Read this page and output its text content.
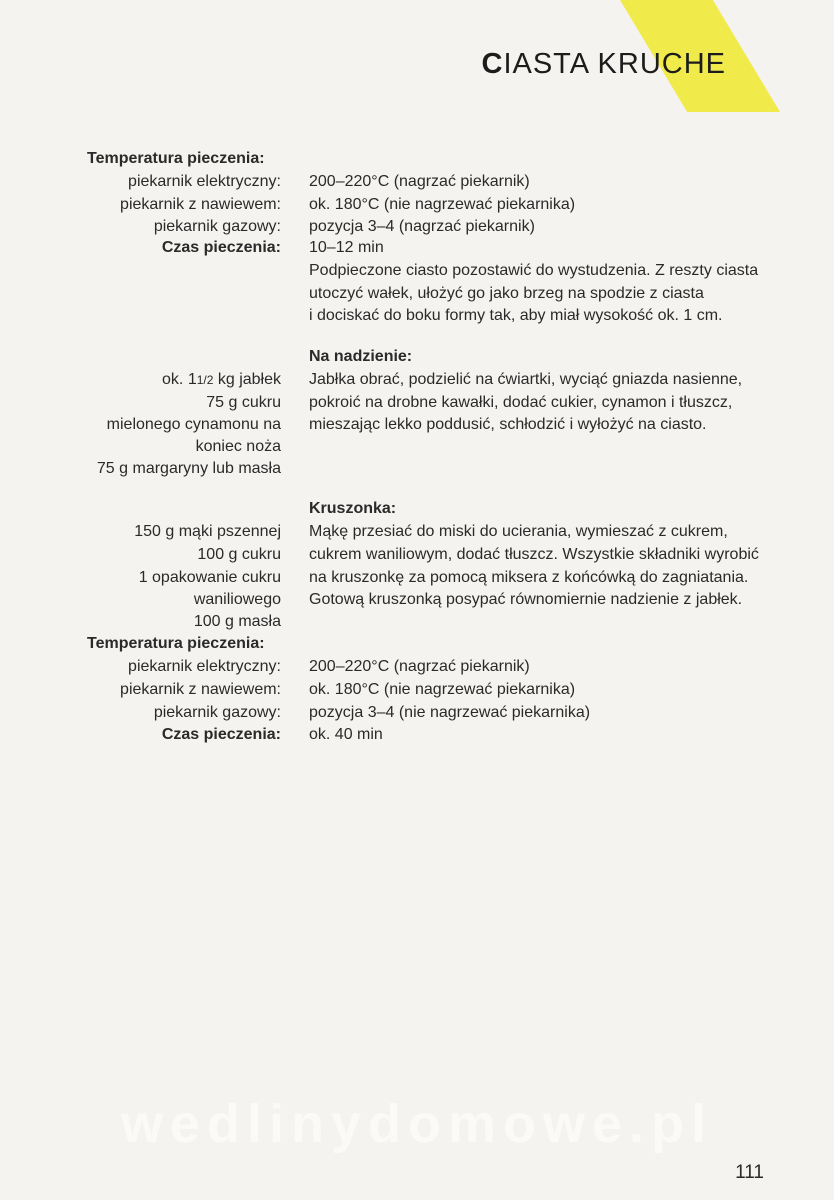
CIASTA KRUCHE
Temperatura pieczenia:
piekarnik elektryczny: 200–220°C (nagrzać piekarnik)
piekarnik z nawiewem: ok. 180°C (nie nagrzewać piekarnika)
piekarnik gazowy: pozycja 3–4 (nagrzać piekarnik)
Czas pieczenia: 10–12 min
Podpieczone ciasto pozostawić do wystudzenia. Z reszty ciasta
utoczyć wałek, ułożyć go jako brzeg na spodzie z ciasta
i dociskać do boku formy tak, aby miał wysokość ok. 1 cm.
Na nadzienie:
ok. 11/2 kg jabłek Jabłka obrać, podzielić na ćwiartki, wyciąć gniazda nasienne,
75 g cukru pokroić na drobne kawałki, dodać cukier, cynamon i tłuszcz,
mielonego cynamonu na mieszając lekko poddusić, schłodzić i wyłożyć na ciasto.
koniec noża
75 g margaryny lub masła
Kruszonka:
150 g mąki pszennej Mąkę przesiać do miski do ucierania, wymieszać z cukrem,
100 g cukru cukrem waniliowym, dodać tłuszcz. Wszystkie składniki wyrobić
1 opakowanie cukru na kruszonkę za pomocą miksera z końcówką do zagniatania.
waniliowego Gotową kruszonką posypać równomiernie nadzienie z jabłek.
100 g masła
Temperatura pieczenia:
piekarnik elektryczny: 200–220°C (nagrzać piekarnik)
piekarnik z nawiewem: ok. 180°C (nie nagrzewać piekarnika)
piekarnik gazowy: pozycja 3–4 (nie nagrzewać piekarnika)
Czas pieczenia: ok. 40 min
wedlinydomowe.pl
111
